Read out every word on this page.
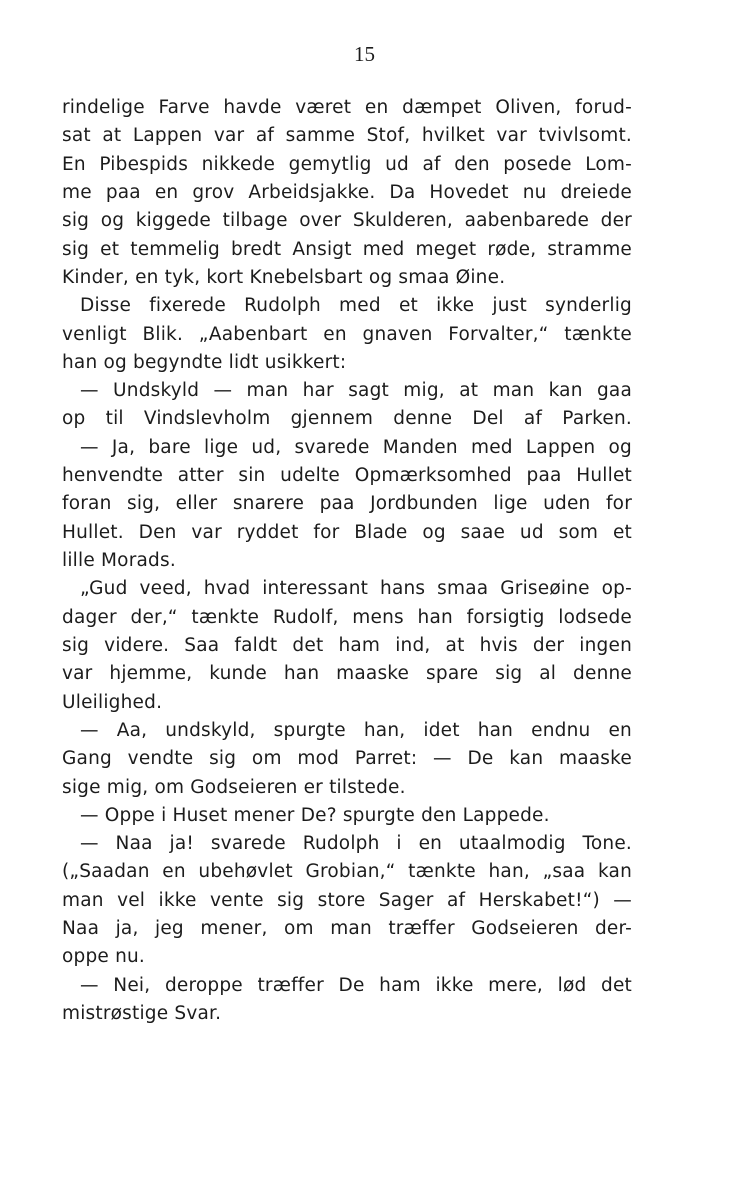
15
rindelige Farve havde været en dæmpet Oliven, forud-
sat at Lappen var af samme Stof, hvilket var tvivlsomt.
En Pibespids nikkede gemytlig ud af den posede Lom-
me paa en grov Arbeidsjakke. Da Hovedet nu dreiede
sig og kiggede tilbage over Skulderen, aabenbarede der
sig et temmelig bredt Ansigt med meget røde, stramme
Kinder, en tyk, kort Knebelsbart og smaa Øine.
Disse fixerede Rudolph med et ikke just synderlig
venligt Blik. „Aabenbart en gnaven Forvalter,“ tænkte
han og begyndte lidt usikkert:
— Undskyld — man har sagt mig, at man kan gaa
op til Vindslevholm gjennem denne Del af Parken.
— Ja, bare lige ud, svarede Manden med Lappen og
henvendte atter sin udelte Opmærksomhed paa Hullet
foran sig, eller snarere paa Jordbunden lige uden for
Hullet. Den var ryddet for Blade og saae ud som et
lille Morads.
„Gud veed, hvad interessant hans smaa Griseøine op-
dager der,“ tænkte Rudolf, mens han forsigtig lodsede
sig videre. Saa faldt det ham ind, at hvis der ingen
var hjemme, kunde han maaske spare sig al denne
Uleilighed.
— Aa, undskyld, spurgte han, idet han endnu en
Gang vendte sig om mod Parret: — De kan maaske
sige mig, om Godseieren er tilstede.
— Oppe i Huset mener De? spurgte den Lappede.
— Naa ja! svarede Rudolph i en utaalmodig Tone.
(„Saadan en ubehøvlet Grobian,“ tænkte han, „saa kan
man vel ikke vente sig store Sager af Herskabet!“) —
Naa ja, jeg mener, om man træffer Godseieren der-
oppe nu.
— Nei, deroppe træffer De ham ikke mere, lød det
mistrøstige Svar.
